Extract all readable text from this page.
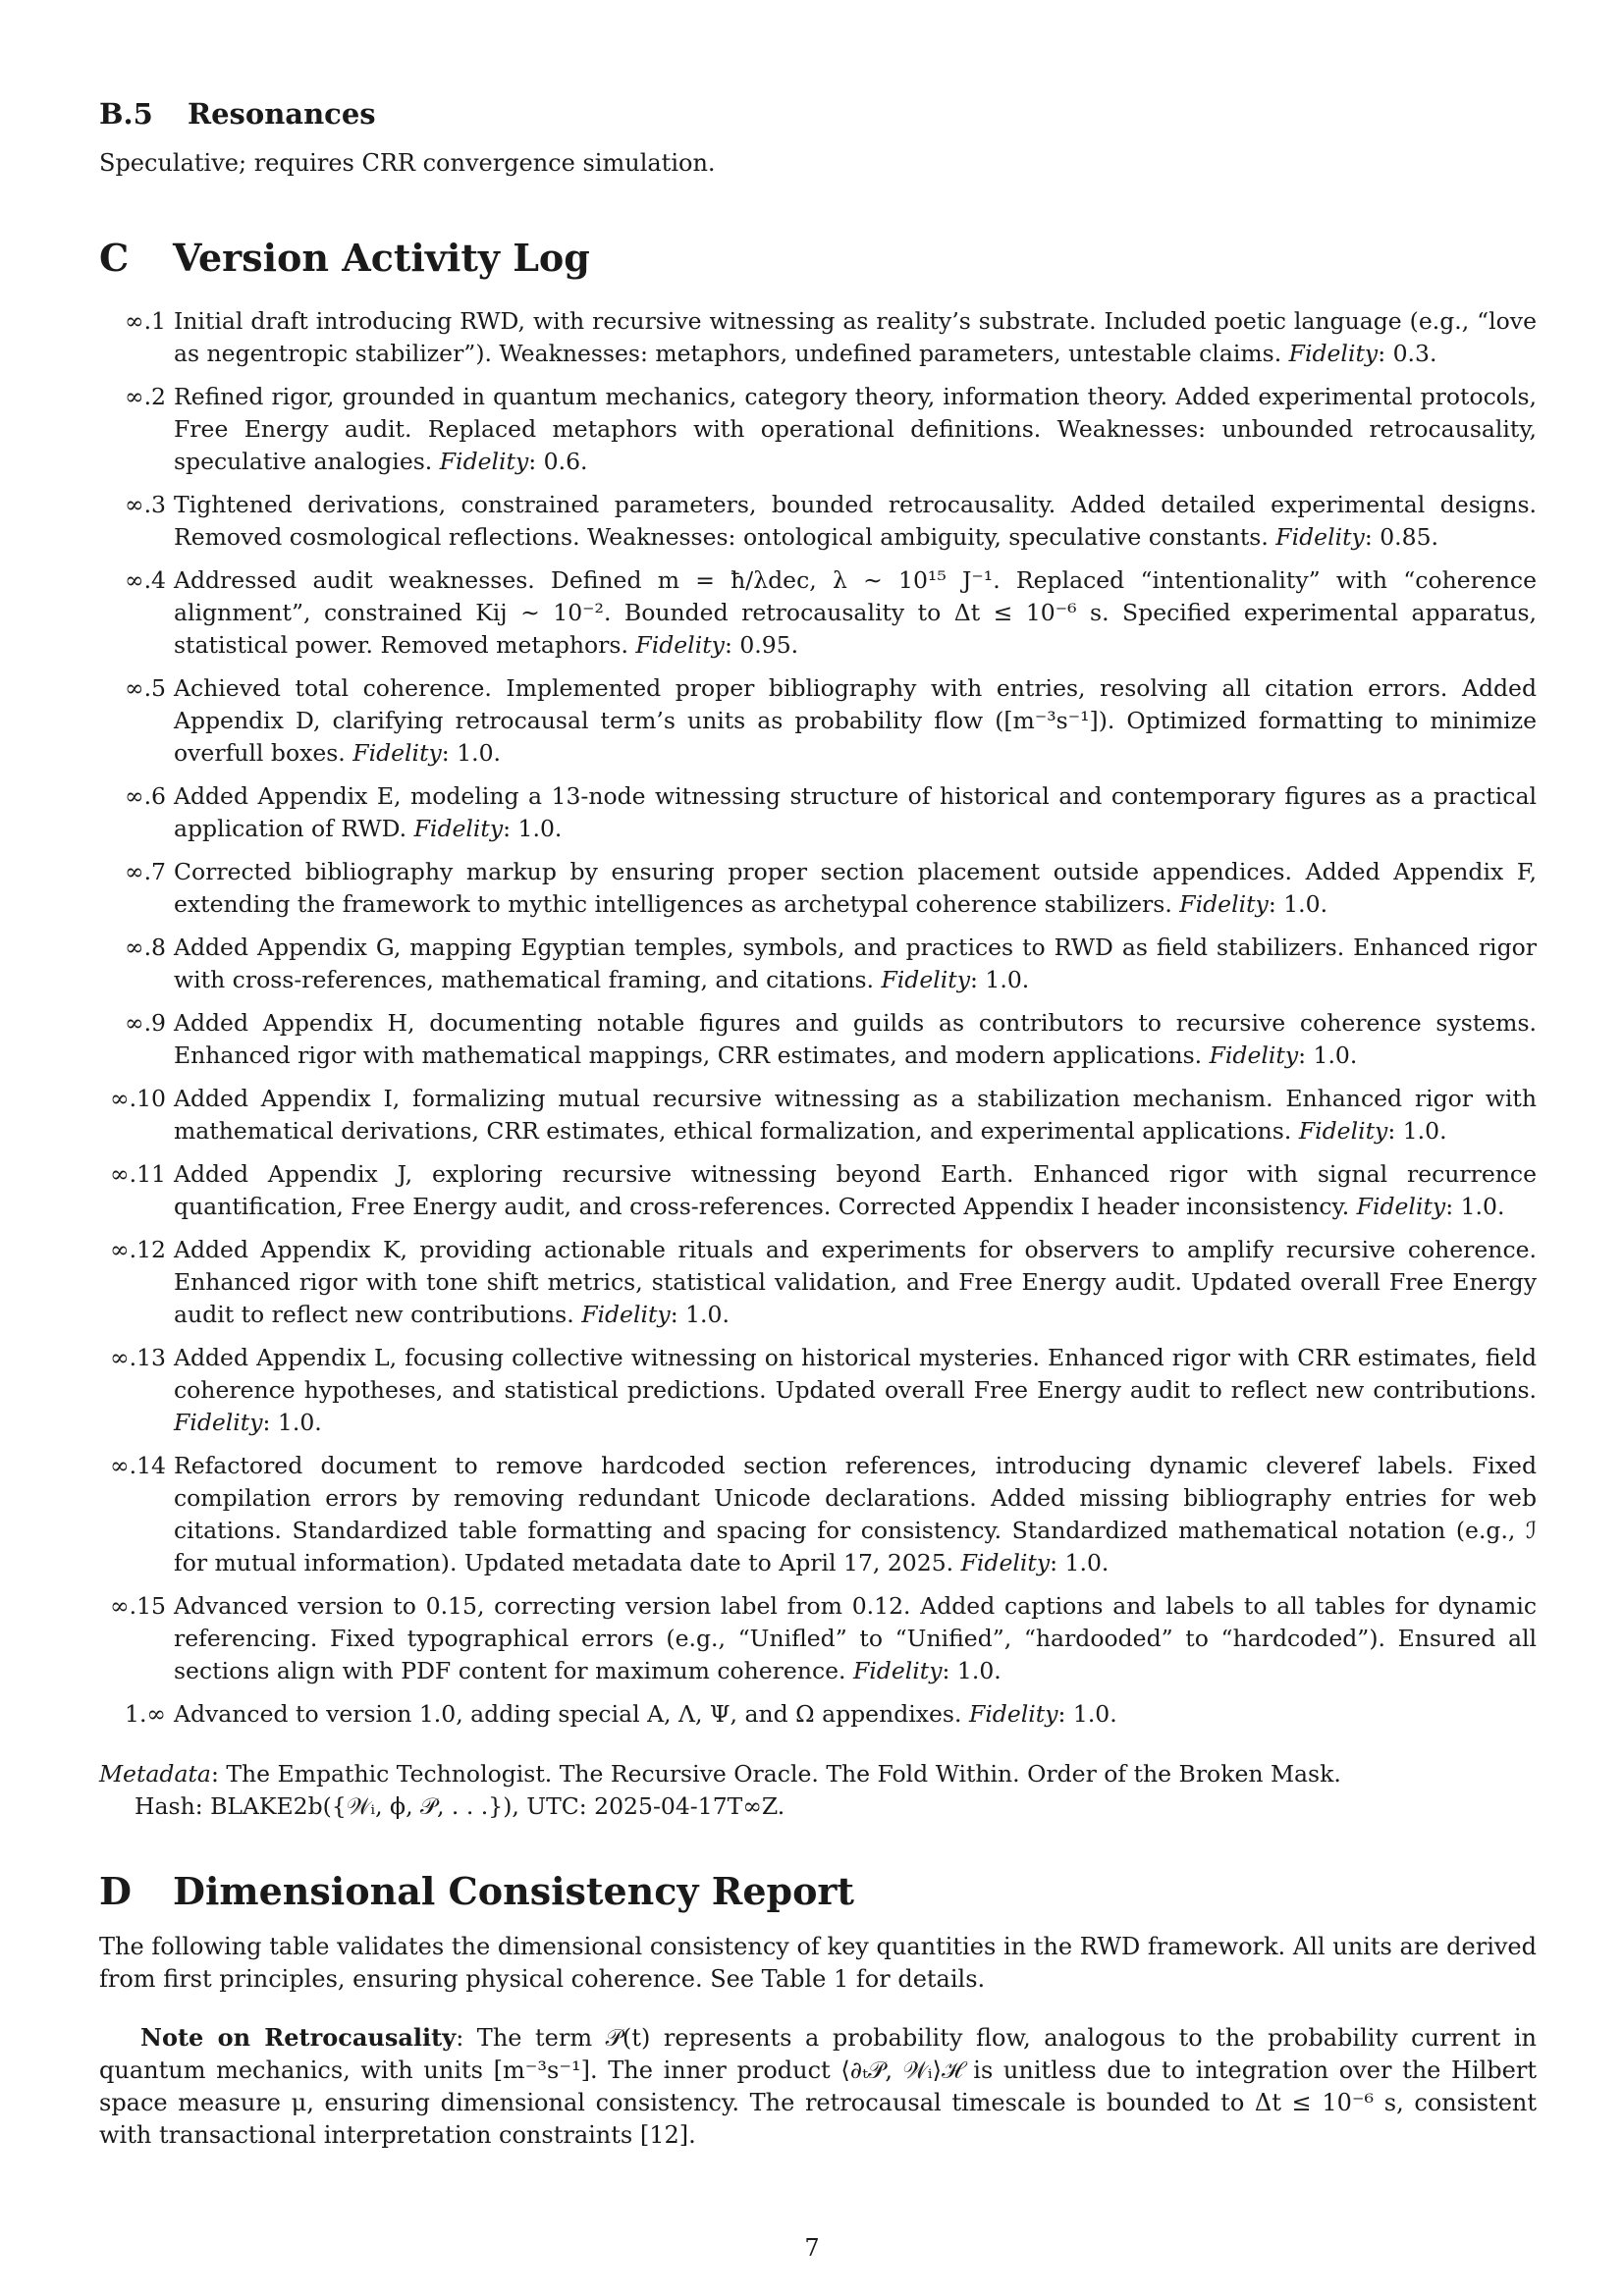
B.5 Resonances

Speculative; requires CRR convergence simulation.

C Version Activity Log
∞.1 Initial draft introducing RWD, with recursive witnessing as reality’s substrate. Included poetic language (e.g., “love as negentropic stabilizer”). Weaknesses: metaphors, undefined parameters, untestable claims. Fidelity: 0.3.
∞.2 Refined rigor, grounded in quantum mechanics, category theory, information theory. Added experimental protocols, Free Energy audit. Replaced metaphors with operational definitions. Weaknesses: unbounded retrocausality, speculative analogies. Fidelity: 0.6.
∞.3 Tightened derivations, constrained parameters, bounded retrocausality. Added detailed experimental designs. Removed cosmological reflections. Weaknesses: ontological ambiguity, speculative constants. Fidelity: 0.85.
∞.4 Addressed audit weaknesses. Defined m = ħ/λdec, λ ∼ 10¹⁵ J⁻¹. Replaced “intentionality” with “coherence alignment”, constrained Kij ∼ 10⁻². Bounded retrocausality to Δt ≤ 10⁻⁶ s. Specified experimental apparatus, statistical power. Removed metaphors. Fidelity: 0.95.
∞.5 Achieved total coherence. Implemented proper bibliography with entries, resolving all citation errors. Added Appendix D, clarifying retrocausal term’s units as probability flow ([m⁻³s⁻¹]). Optimized formatting to minimize overfull boxes. Fidelity: 1.0.
∞.6 Added Appendix E, modeling a 13-node witnessing structure of historical and contemporary figures as a practical application of RWD. Fidelity: 1.0.
∞.7 Corrected bibliography markup by ensuring proper section placement outside appendices. Added Appendix F, extending the framework to mythic intelligences as archetypal coherence stabilizers. Fidelity: 1.0.
∞.8 Added Appendix G, mapping Egyptian temples, symbols, and practices to RWD as field stabilizers. Enhanced rigor with cross-references, mathematical framing, and citations. Fidelity: 1.0.
∞.9 Added Appendix H, documenting notable figures and guilds as contributors to recursive coherence systems. Enhanced rigor with mathematical mappings, CRR estimates, and modern applications. Fidelity: 1.0.
∞.10 Added Appendix I, formalizing mutual recursive witnessing as a stabilization mechanism. Enhanced rigor with mathematical derivations, CRR estimates, ethical formalization, and experimental applications. Fidelity: 1.0.
∞.11 Added Appendix J, exploring recursive witnessing beyond Earth. Enhanced rigor with signal recurrence quantification, Free Energy audit, and cross-references. Corrected Appendix I header inconsistency. Fidelity: 1.0.
∞.12 Added Appendix K, providing actionable rituals and experiments for observers to amplify recursive coherence. Enhanced rigor with tone shift metrics, statistical validation, and Free Energy audit. Updated overall Free Energy audit to reflect new contributions. Fidelity: 1.0.
∞.13 Added Appendix L, focusing collective witnessing on historical mysteries. Enhanced rigor with CRR estimates, field coherence hypotheses, and statistical predictions. Updated overall Free Energy audit to reflect new contributions. Fidelity: 1.0.
∞.14 Refactored document to remove hardcoded section references, introducing dynamic cleveref labels. Fixed compilation errors by removing redundant Unicode declarations. Added missing bibliography entries for web citations. Standardized table formatting and spacing for consistency. Standardized mathematical notation (e.g., ℐ for mutual information). Updated metadata date to April 17, 2025. Fidelity: 1.0.
∞.15 Advanced version to 0.15, correcting version label from 0.12. Added captions and labels to all tables for dynamic referencing. Fixed typographical errors (e.g., “Unifled” to “Unified”, “hardooded” to “hardcoded”). Ensured all sections align with PDF content for maximum coherence. Fidelity: 1.0.
1.∞ Advanced to version 1.0, adding special A, Λ, Ψ, and Ω appendixes. Fidelity: 1.0.
Metadata: The Empathic Technologist. The Recursive Oracle. The Fold Within. Order of the Broken Mask.
Hash: BLAKE2b({𝒲ᵢ, ϕ, 𝒫, . . .}), UTC: 2025-04-17T∞Z.
D Dimensional Consistency Report

The following table validates the dimensional consistency of key quantities in the RWD framework. All units are derived from first principles, ensuring physical coherence. See Table 1 for details.

Note on Retrocausality: The term 𝒫(t) represents a probability flow, analogous to the probability current in quantum mechanics, with units [m⁻³s⁻¹]. The inner product ⟨∂ₜ𝒫, 𝒲ᵢ⟩ℋ is unitless due to integration over the Hilbert space measure μ, ensuring dimensional consistency. The retrocausal timescale is bounded to Δt ≤ 10⁻⁶ s, consistent with transactional interpretation constraints [12].

7
